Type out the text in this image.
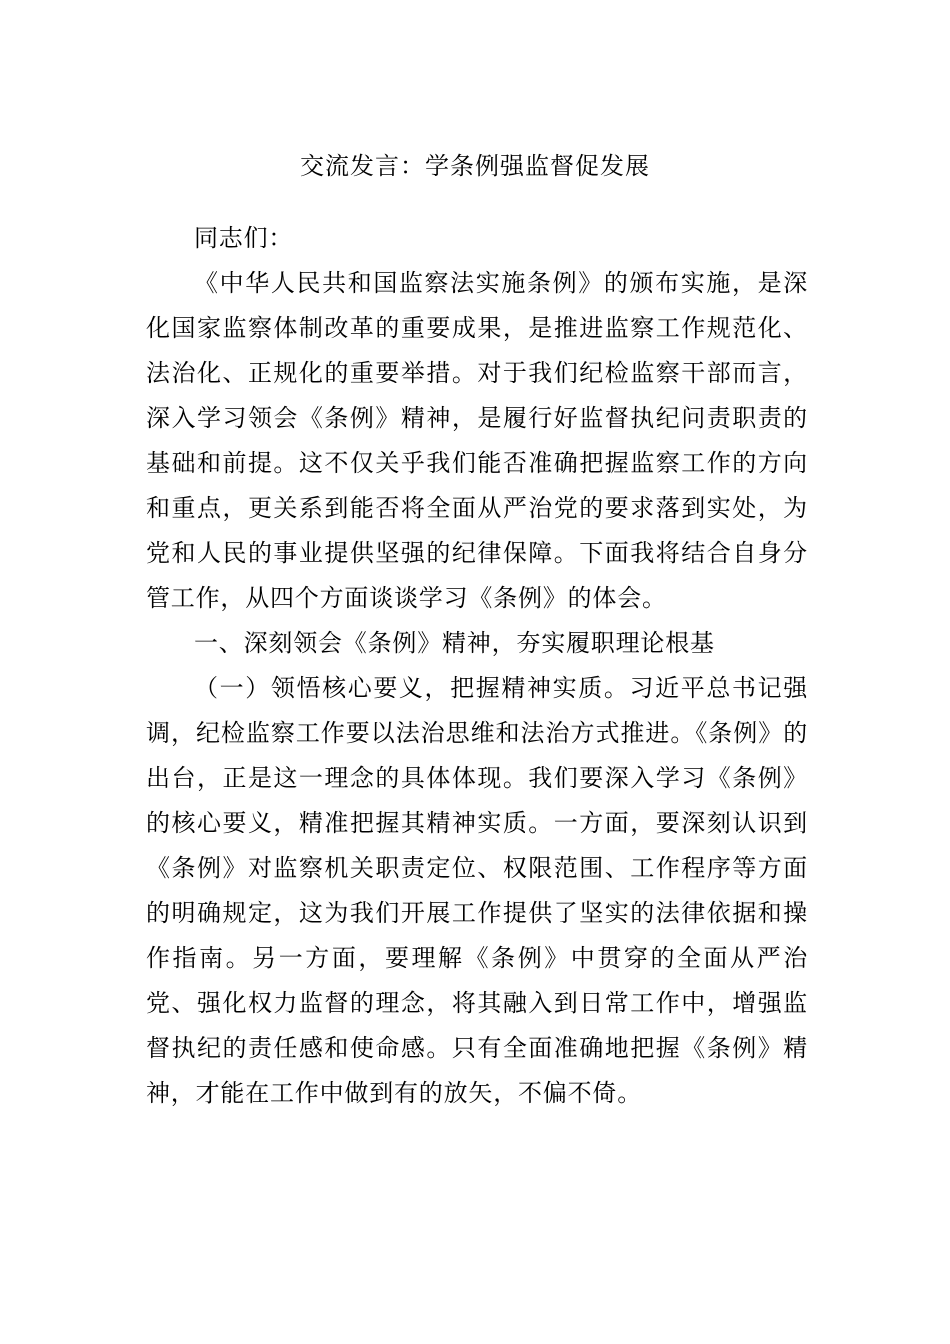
交流发言：学条例强监督促发展

同志们：

《中华人民共和国监察法实施条例》的颁布实施，是深化国家监察体制改革的重要成果，是推进监察工作规范化、法治化、正规化的重要举措。对于我们纪检监察干部而言，深入学习领会《条例》精神，是履行好监督执纪问责职责的基础和前提。这不仅关乎我们能否准确把握监察工作的方向和重点，更关系到能否将全面从严治党的要求落到实处，为党和人民的事业提供坚强的纪律保障。下面我将结合自身分管工作，从四个方面谈谈学习《条例》的体会。

一、深刻领会《条例》精神，夯实履职理论根基

（一）领悟核心要义，把握精神实质。习近平总书记强调，纪检监察工作要以法治思维和法治方式推进。《条例》的出台，正是这一理念的具体体现。我们要深入学习《条例》的核心要义，精准把握其精神实质。一方面，要深刻认识到《条例》对监察机关职责定位、权限范围、工作程序等方面的明确规定，这为我们开展工作提供了坚实的法律依据和操作指南。另一方面，要理解《条例》中贯穿的全面从严治党、强化权力监督的理念，将其融入到日常工作中，增强监督执纪的责任感和使命感。只有全面准确地把握《条例》精神，才能在工作中做到有的放矢，不偏不倚。
